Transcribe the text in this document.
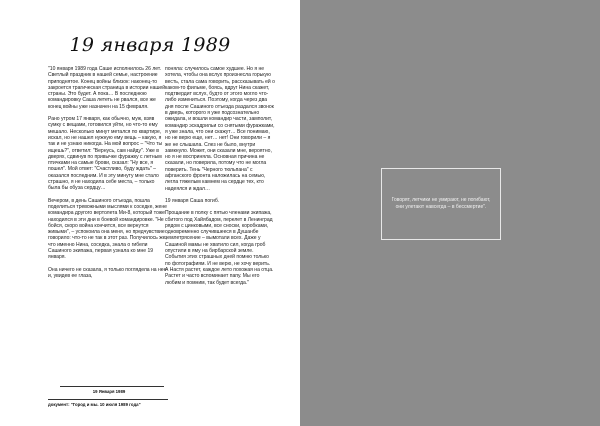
19 января 1989

"10 января 1989 года Саше исполнилось 26 лет. Светлый праздник в нашей семье, настроение приподнятое. Конец войны близок: наконец-то закроется трагическая страница в истории нашей страны. Это будет. А пока… В последнюю командировку Саша лететь не рвался, все же конец войны уже назначен на 15 февраля.

Рано утром 17 января, как обычно, муж, взяв сумку с вещами, готовился уйти, но что-то ему мешало. Несколько минут метался по квартире, искал, но не нашел нужную ему вещь – какую, я так и не узнаю никогда. На мой вопрос – "Что ты ищешь?", ответил: "Вернусь, сам найду". Уже в дверях, сдвинув по привычке фуражку с летным птичками на самые брови, сказал: "Ну все, я пошел". Мой ответ: "Счастливо, буду ждать" – оказался последним. И в эту минуту мне стало страшно, я не находила себе места, – только была бы обуза сердцу…

Вечером, в день Сашиного отъезда, пошла поделиться тревожными мыслями к соседке, жене командира другого вертолета Ми-8, который тоже находился в эти дни в боевой командировке. "Не бойся, скоро война кончится, все вернутся живыми", – успокоила она меня, но предчувствие говорило: что-то не так в этот раз. Получилось же, что именно Нина, соседка, знала о гибели Сашиного экипажа, первая узнала ко мне 19 января.

Она ничего не сказала, я только поглядела на нее и, увидев ее глаза,

поняла: случилось самое худшее. Но я не хотела, чтобы она вслух произнесла горькую весть, стала сама говорить, рассказывать ей о каком-то фильме, боясь, вдруг Нина скажет, подтвердит вслух, будто от этого могло что-либо измениться. Поэтому, когда через два дня после Сашиного отъезда раздался звонок в дверь, которого я уже подсознательно ожидала, и вошли командир части, замполит, командир эскадрильи со снятыми фуражками, я уже знала, что они скажут… Все понимаю, но не верю еще, нет… нет! Они говорили – я же не слышала. Слез не было, внутри замкнуло. Может, они сказали мне, вероятно, но я не восприняла. Основная причина не сказали, но поверила, потому что не могла поверить. Тень "Черного тюльпана" с афганского фронта наложилась на семью, легла тяжелым камнем на сердце тех, кто надеялся и ждал…

19 января Саша погиб.

Прощание в полку с пятью членами экипажа, сбитого под Хайябадом, перелет в Ленинград рядом с цинковыми, все сноски, коробками, одновременно случившееся в Душанбе землетрясение – вымотали всех. Даже у Сашиной мамы не хватило сил, когда гроб опустили в яму на бирбарской земле. События этих страшных дней помню только по фотографиям. И не верю, не хочу верить. А Настя растет, каждое лето похожая на отца. Растет и часто вспоминает папу. Мы его любим и помним, так будет всегда."

19 Января 1989
документ: "Город и мы. 10 июля 1989 года"
Говорят, летчики не умирают, не погибают, они улетают навсегда – в бессмертие".
